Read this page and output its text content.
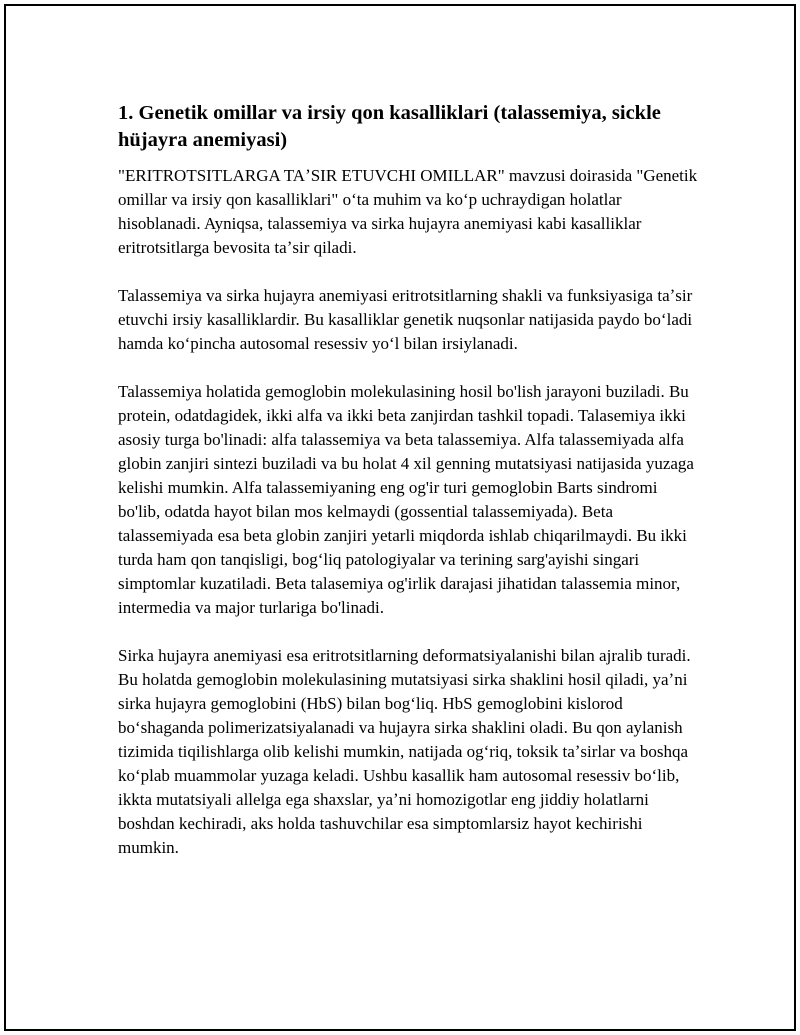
1. Genetik omillar va irsiy qon kasalliklari (talassemiya, sickle hüjayra anemiyasi)

"ERITROTSITLARGA TAʼSIR ETUVCHI OMILLAR" mavzusi doirasida "Genetik omillar va irsiy qon kasalliklari" oʻta muhim va koʻp uchraydigan holatlar hisoblanadi. Ayniqsa, talassemiya va sirka hujayra anemiyasi kabi kasalliklar eritrotsitlarga bevosita taʼsir qiladi.

Talassemiya va sirka hujayra anemiyasi eritrotsitlarning shakli va funksiyasiga taʼsir etuvchi irsiy kasalliklardir. Bu kasalliklar genetik nuqsonlar natijasida paydo boʻladi hamda koʻpincha autosomal resessiv yoʻl bilan irsiylanadi.

Talassemiya holatida gemoglobin molekulasining hosil bo'lish jarayoni buziladi. Bu protein, odatdagidek, ikki alfa va ikki beta zanjirdan tashkil topadi. Talasemiya ikki asosiy turga bo'linadi: alfa talassemiya va beta talassemiya. Alfa talassemiyada alfa globin zanjiri sintezi buziladi va bu holat 4 xil genning mutatsiyasi natijasida yuzaga kelishi mumkin. Alfa talassemiyaning eng og'ir turi gemoglobin Barts sindromi bo'lib, odatda hayot bilan mos kelmaydi (gossential talassemiyada). Beta talassemiyada esa beta globin zanjiri yetarli miqdorda ishlab chiqarilmaydi. Bu ikki turda ham qon tanqisligi, bogʻliq patologiyalar va terining sarg'ayishi singari simptomlar kuzatiladi. Beta talasemiya og'irlik darajasi jihatidan talassemia minor, intermedia va major turlariga bo'linadi.

Sirka hujayra anemiyasi esa eritrotsitlarning deformatsiyalanishi bilan ajralib turadi. Bu holatda gemoglobin molekulasining mutatsiyasi sirka shaklini hosil qiladi, yaʼni sirka hujayra gemoglobini (HbS) bilan bogʻliq. HbS gemoglobini kislorod boʻshaganda polimerizatsiyalanadi va hujayra sirka shaklini oladi. Bu qon aylanish tizimida tiqilishlarga olib kelishi mumkin, natijada ogʻriq, toksik taʼsirlar va boshqa koʻplab muammolar yuzaga keladi. Ushbu kasallik ham autosomal resessiv boʻlib, ikkta mutatsiyali allelga ega shaxslar, yaʼni homozigotlar eng jiddiy holatlarni boshdan kechiradi, aks holda tashuvchilar esa simptomlarsiz hayot kechirishi mumkin.
